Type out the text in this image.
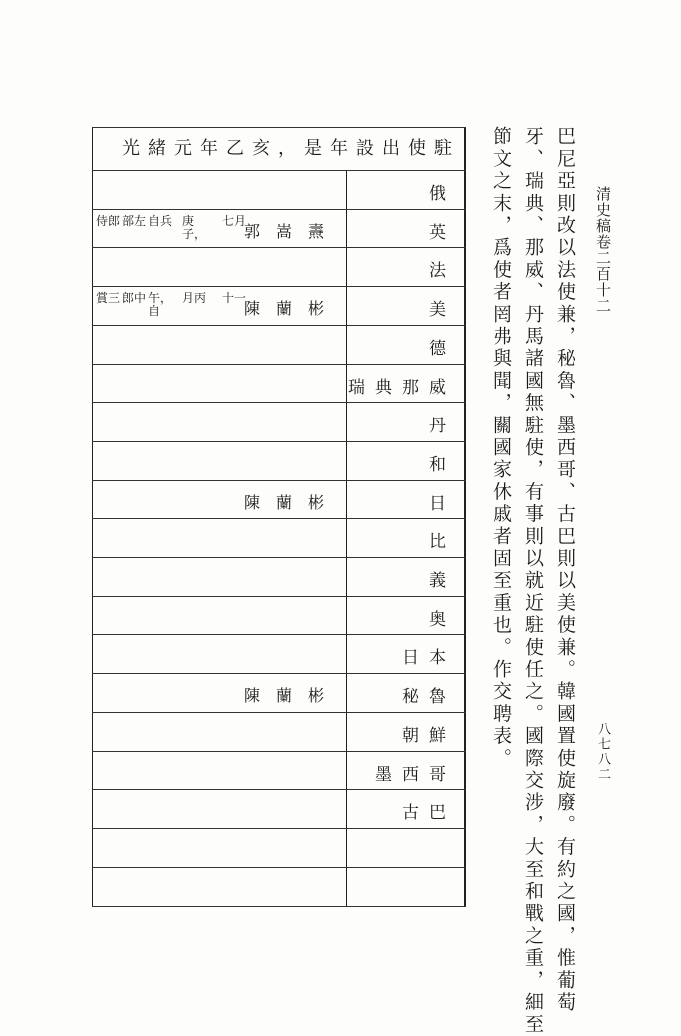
清史稿卷二百十二
八七八二
巴尼亞則改以法使兼，秘魯、墨西哥、古巴則以美使兼。韓國置使旋廢。有約之國，惟葡萄
牙、瑞典、那威、丹馬諸國無駐使，有事則以就近駐使任之。國際交涉，大至和戰之重，細至
節文之末，爲使者罔弗與聞，關國家休戚者固至重也。作交聘表。
光緒元年乙亥，是年設出使駐
俄
英
郭嵩燾
七月
庚子，
自兵
部左
侍郎
法
美
陳蘭彬
十一
月丙
午，自
郎中
賞三
德
瑞典那威
丹
和
日
陳蘭彬
比
義
奥
日本
秘魯
陳蘭彬
朝鮮
墨西哥
古巴
